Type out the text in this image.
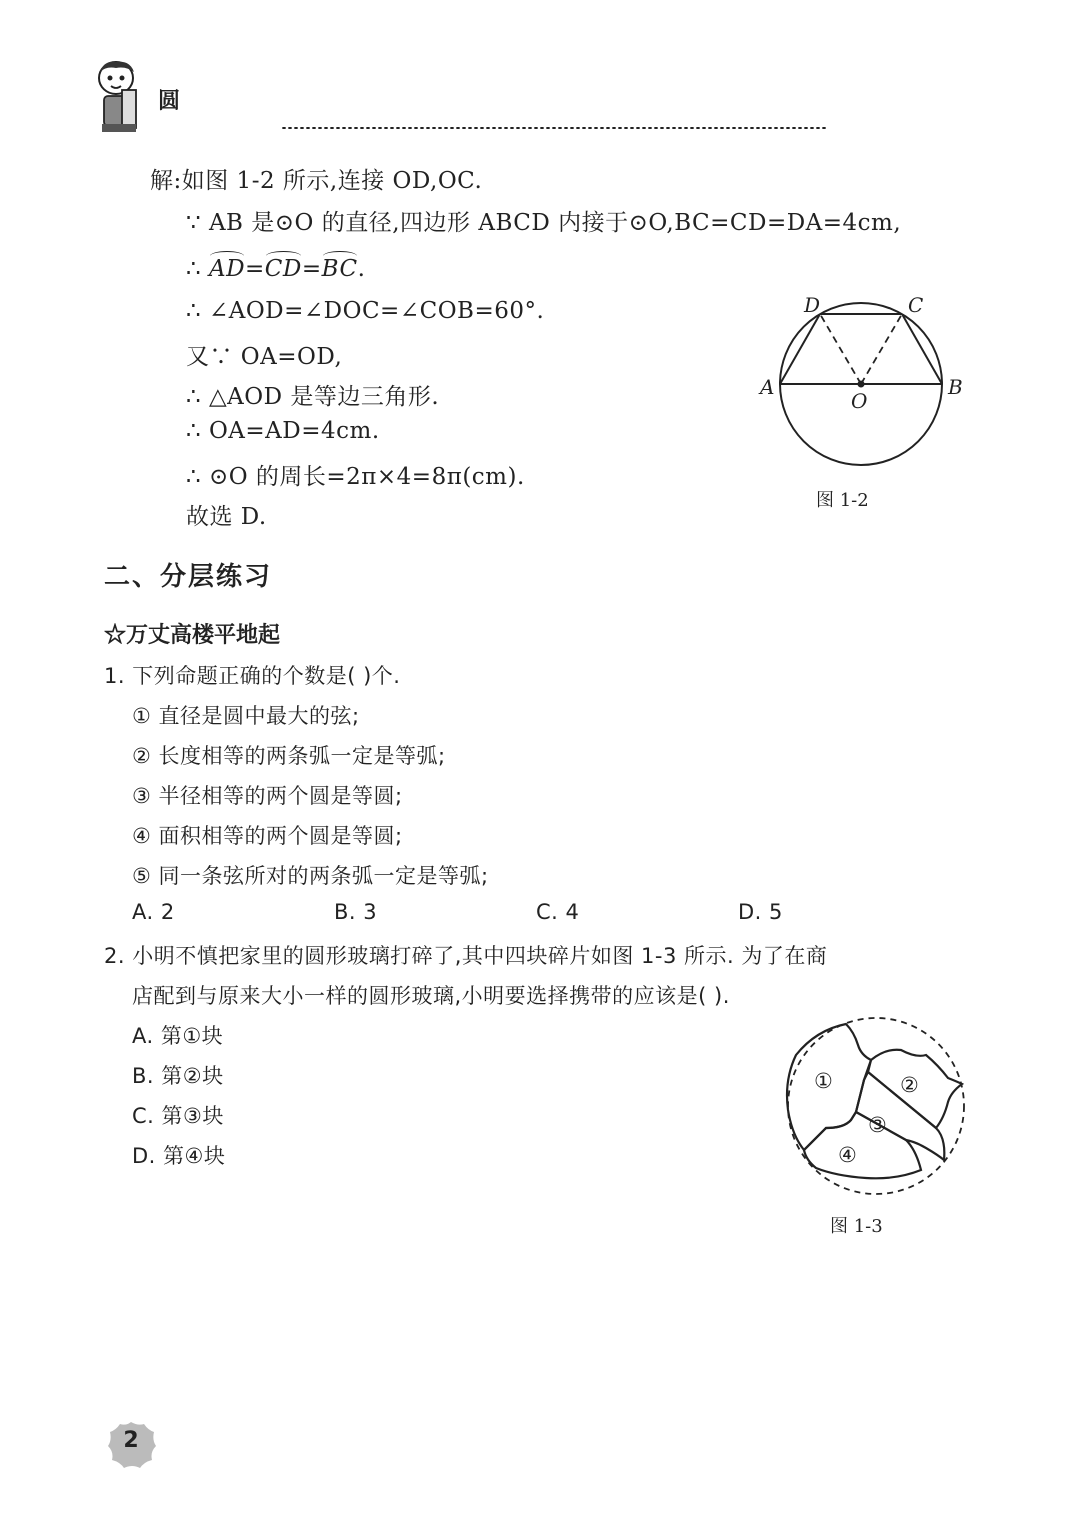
圆
解:如图 1-2 所示,连接 OD,OC.
∵ AB 是⊙O 的直径,四边形 ABCD 内接于⊙O,BC=CD=DA=4cm,
∴ AD=CD=BC.
∴ ∠AOD=∠DOC=∠COB=60°.
又∵ OA=OD,
∴ △AOD 是等边三角形.
∴ OA=AD=4cm.
∴ ⊙O 的周长=2π×4=8π(cm).
故选 D.
D	C
A	B
O
图 1-2
二、分层练习
☆万丈高楼平地起
1. 下列命题正确的个数是( )个.
① 直径是圆中最大的弦;
② 长度相等的两条弧一定是等弧;
③ 半径相等的两个圆是等圆;
④ 面积相等的两个圆是等圆;
⑤ 同一条弦所对的两条弧一定是等弧;
A. 2	B. 3	C. 4	D. 5
2. 小明不慎把家里的圆形玻璃打碎了,其中四块碎片如图 1-3 所示. 为了在商
店配到与原来大小一样的圆形玻璃,小明要选择携带的应该是( ).
A. 第①块
B. 第②块
C. 第③块
D. 第④块
①	②
③
④
图 1-3
2
